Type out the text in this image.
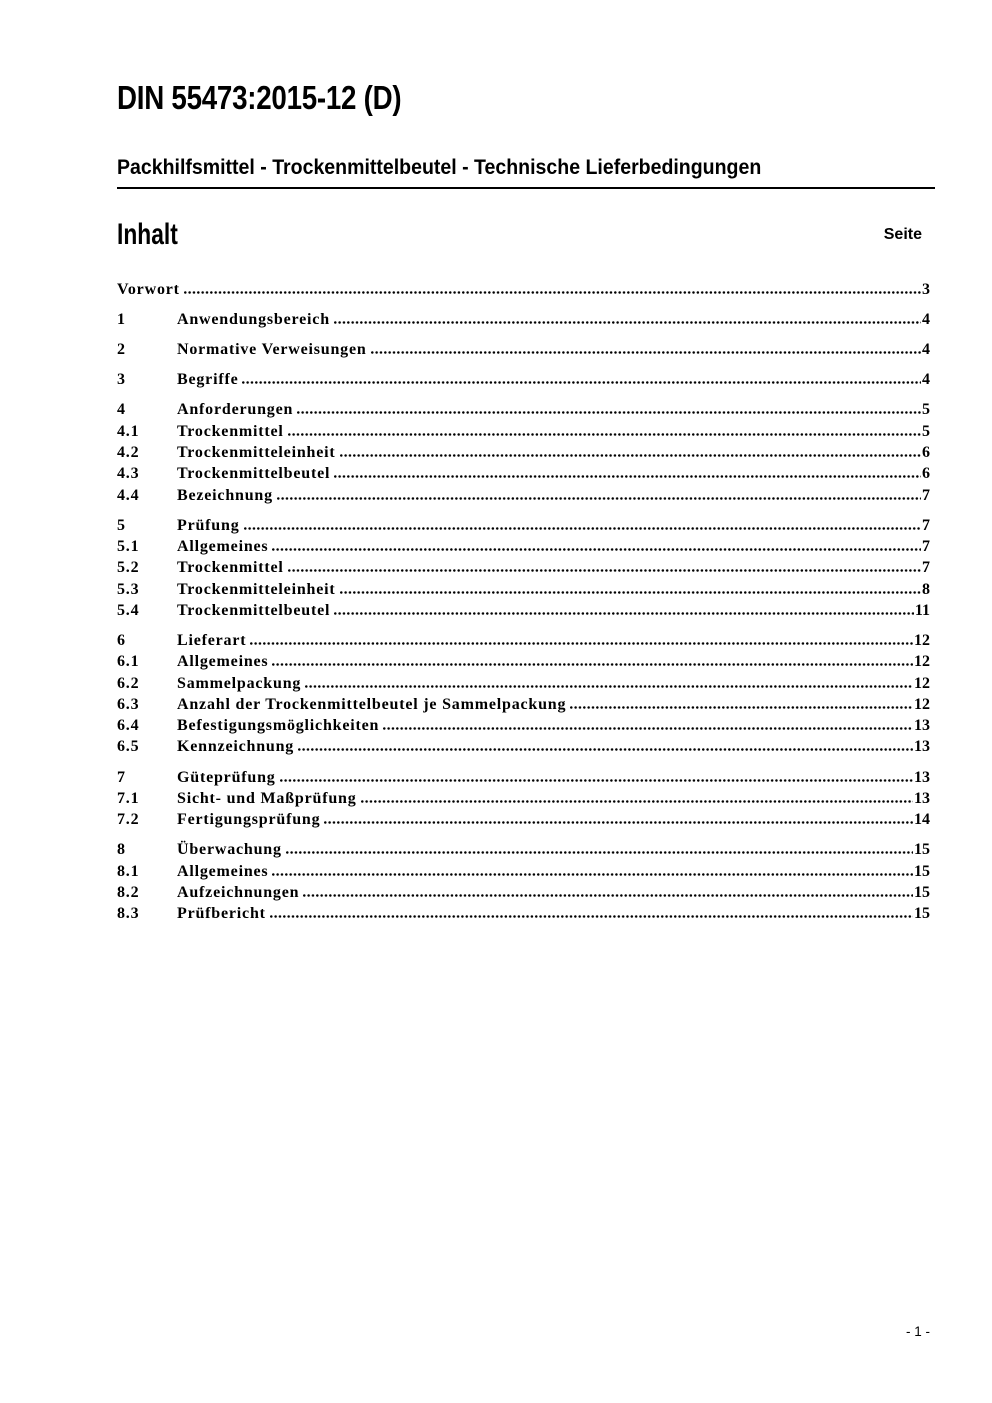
DIN 55473:2015-12 (D)
Packhilfsmittel - Trockenmittelbeutel - Technische Lieferbedingungen
Inhalt	Seite
Vorwort	3
1	Anwendungsbereich	4
2	Normative Verweisungen	4
3	Begriffe	4
4	Anforderungen	5
4.1	Trockenmittel	5
4.2	Trockenmitteleinheit	6
4.3	Trockenmittelbeutel	6
4.4	Bezeichnung	7
5	Prüfung	7
5.1	Allgemeines	7
5.2	Trockenmittel	7
5.3	Trockenmitteleinheit	8
5.4	Trockenmittelbeutel	11
6	Lieferart	12
6.1	Allgemeines	12
6.2	Sammelpackung	12
6.3	Anzahl der Trockenmittelbeutel je Sammelpackung	12
6.4	Befestigungsmöglichkeiten	13
6.5	Kennzeichnung	13
7	Güteprüfung	13
7.1	Sicht- und Maßprüfung	13
7.2	Fertigungsprüfung	14
8	Überwachung	15
8.1	Allgemeines	15
8.2	Aufzeichnungen	15
8.3	Prüfbericht	15
- 1 -
